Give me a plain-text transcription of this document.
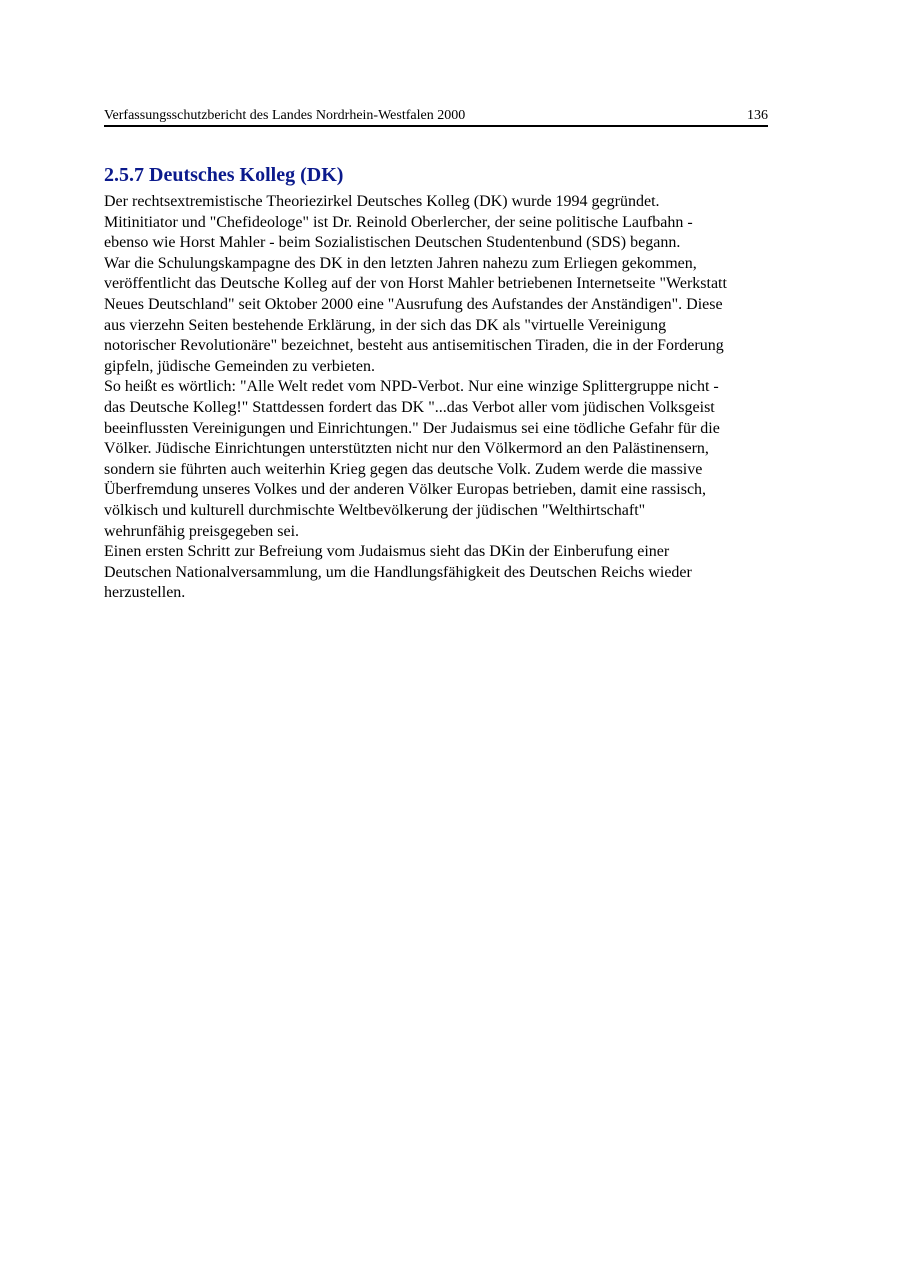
Verfassungsschutzbericht des Landes Nordrhein-Westfalen 2000	136
2.5.7 Deutsches Kolleg (DK)
Der rechtsextremistische Theoriezirkel Deutsches Kolleg (DK) wurde 1994 gegründet.
Mitinitiator und "Chefideologe" ist Dr. Reinold Oberlercher, der seine politische Laufbahn -
ebenso wie Horst Mahler - beim Sozialistischen Deutschen Studentenbund (SDS) begann.
War die Schulungskampagne des DK in den letzten Jahren nahezu zum Erliegen gekommen,
veröffentlicht das Deutsche Kolleg auf der von Horst Mahler betriebenen Internetseite "Werkstatt
Neues Deutschland" seit Oktober 2000 eine "Ausrufung des Aufstandes der Anständigen". Diese
aus vierzehn Seiten bestehende Erklärung, in der sich das DK als "virtuelle Vereinigung
notorischer Revolutionäre" bezeichnet, besteht aus antisemitischen Tiraden, die in der Forderung
gipfeln, jüdische Gemeinden zu verbieten.
So heißt es wörtlich: "Alle Welt redet vom NPD-Verbot. Nur eine winzige Splittergruppe nicht -
das Deutsche Kolleg!" Stattdessen fordert das DK "...das Verbot aller vom jüdischen Volksgeist
beeinflussten Vereinigungen und Einrichtungen." Der Judaismus sei eine tödliche Gefahr für die
Völker. Jüdische Einrichtungen unterstützten nicht nur den Völkermord an den Palästinensern,
sondern sie führten auch weiterhin Krieg gegen das deutsche Volk. Zudem werde die massive
Überfremdung unseres Volkes und der anderen Völker Europas betrieben, damit eine rassisch,
völkisch und kulturell durchmischte Weltbevölkerung der jüdischen "Welthirtschaft"
wehrunfähig preisgegeben sei.
Einen ersten Schritt zur Befreiung vom Judaismus sieht das DKin der Einberufung einer
Deutschen Nationalversammlung, um die Handlungsfähigkeit des Deutschen Reichs wieder
herzustellen.
